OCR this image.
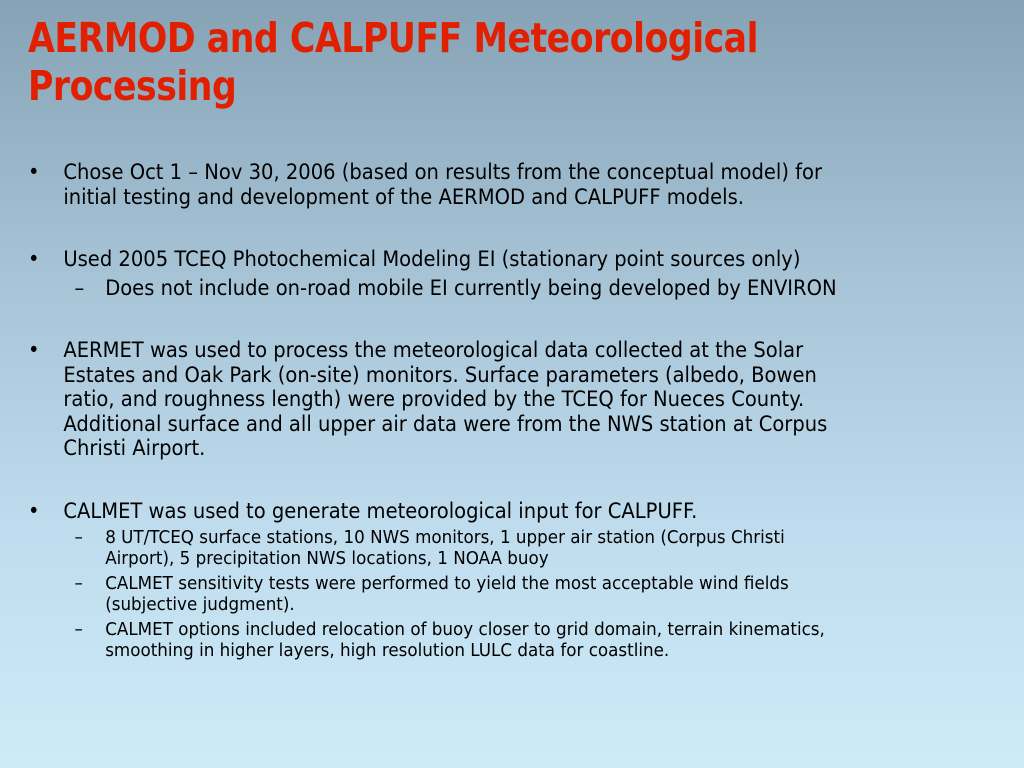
AERMOD and CALPUFF Meteorological
Processing
• Chose Oct 1 – Nov 30, 2006 (based on results from the conceptual model) for
initial testing and development of the AERMOD and CALPUFF models.
• Used 2005 TCEQ Photochemical Modeling EI (stationary point sources only)
– Does not include on-road mobile EI currently being developed by ENVIRON
• AERMET was used to process the meteorological data collected at the Solar
Estates and Oak Park (on-site) monitors. Surface parameters (albedo, Bowen
ratio, and roughness length) were provided by the TCEQ for Nueces County.
Additional surface and all upper air data were from the NWS station at Corpus
Christi Airport.
• CALMET was used to generate meteorological input for CALPUFF.
– 8 UT/TCEQ surface stations, 10 NWS monitors, 1 upper air station (Corpus Christi
Airport), 5 precipitation NWS locations, 1 NOAA buoy
– CALMET sensitivity tests were performed to yield the most acceptable wind fields
(subjective judgment).
– CALMET options included relocation of buoy closer to grid domain, terrain kinematics,
smoothing in higher layers, high resolution LULC data for coastline.
